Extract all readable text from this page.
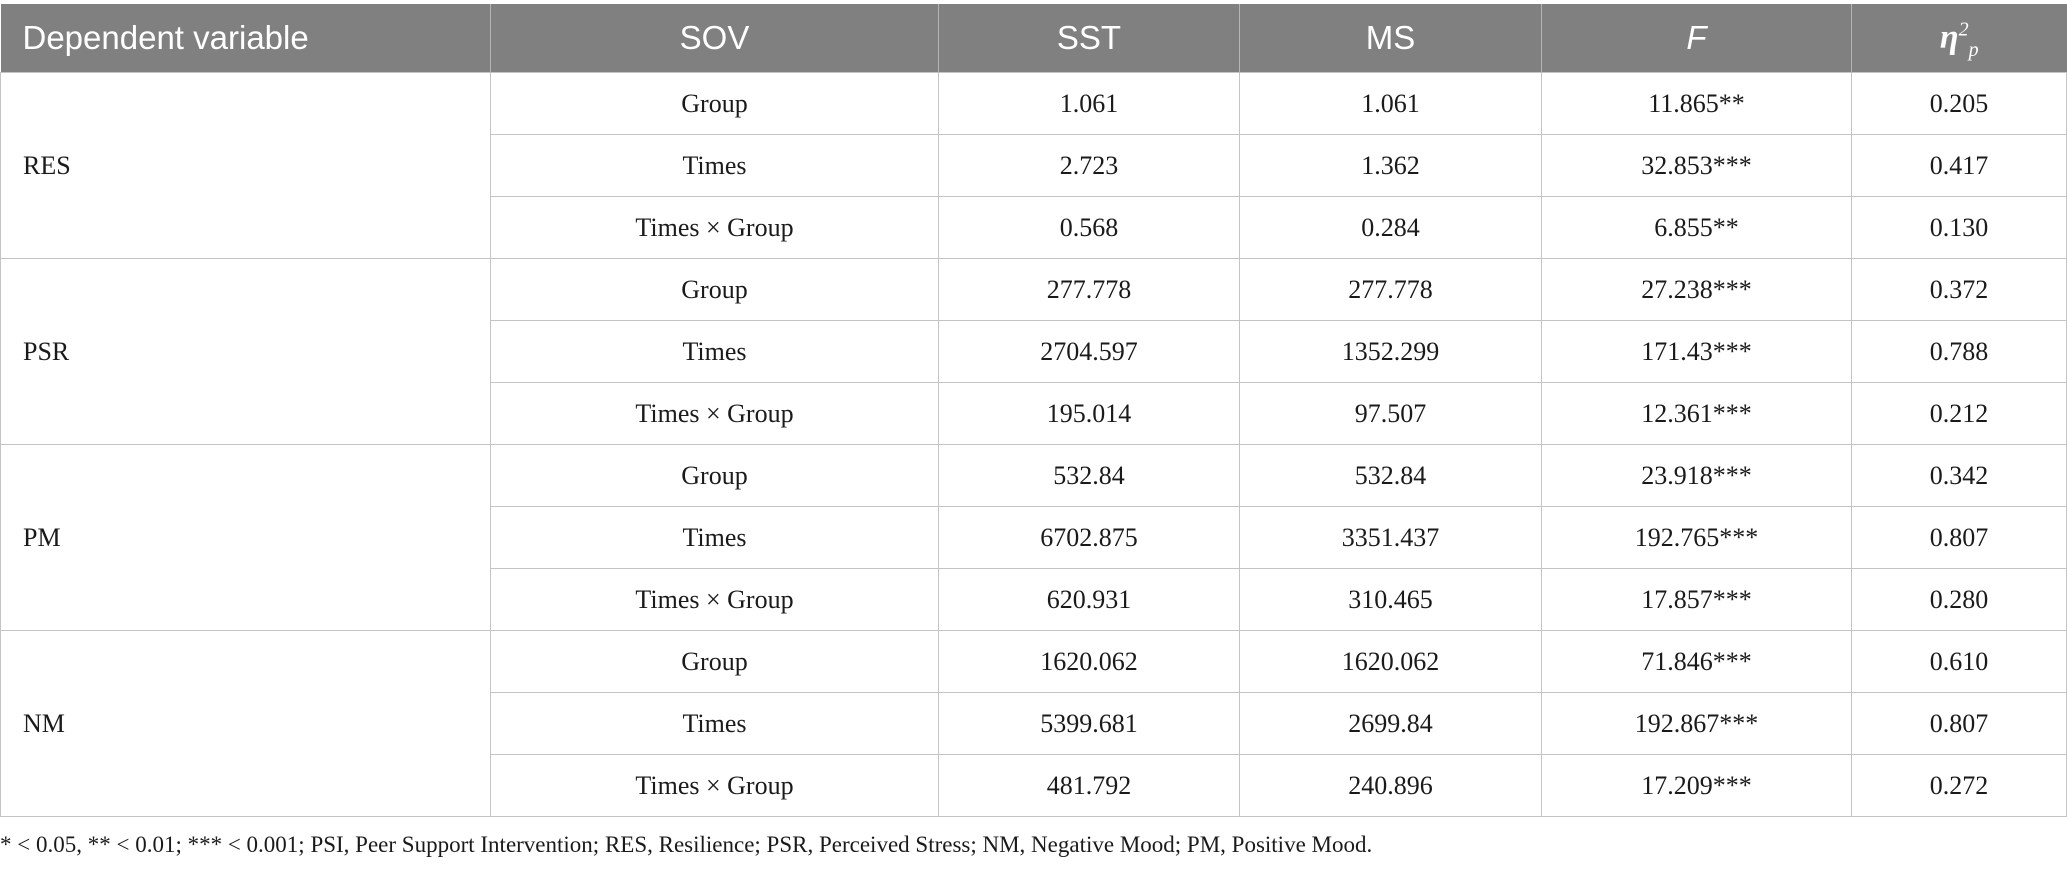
Dependent variable	SOV	SST	MS	F	$\eta^2_p$
RES	Group	1.061	1.061	11.865**	0.205
	Times	2.723	1.362	32.853***	0.417
	Times × Group	0.568	0.284	6.855**	0.130
PSR	Group	277.778	277.778	27.238***	0.372
	Times	2704.597	1352.299	171.43***	0.788
	Times × Group	195.014	97.507	12.361***	0.212
PM	Group	532.84	532.84	23.918***	0.342
	Times	6702.875	3351.437	192.765***	0.807
	Times × Group	620.931	310.465	17.857***	0.280
NM	Group	1620.062	1620.062	71.846***	0.610
	Times	5399.681	2699.84	192.867***	0.807
	Times × Group	481.792	240.896	17.209***	0.272
* < 0.05, ** < 0.01; *** < 0.001; PSI, Peer Support Intervention; RES, Resilience; PSR, Perceived Stress; NM, Negative Mood; PM, Positive Mood.
